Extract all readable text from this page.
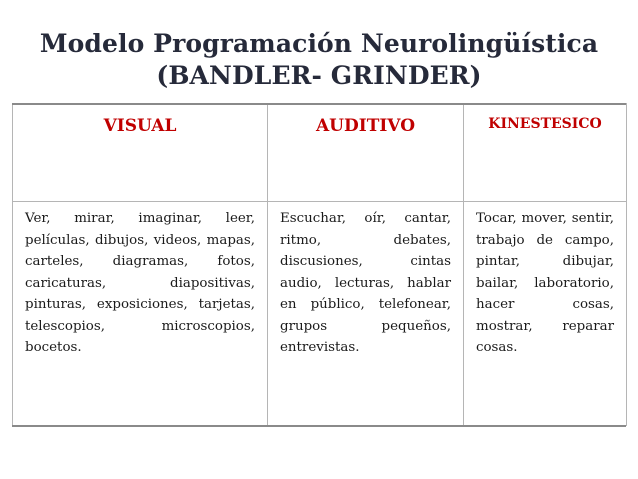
Modelo Programación Neurolingüística
(BANDLER- GRINDER)
VISUAL	AUDITIVO	KINESTESICO
Ver, mirar, imaginar, leer, películas, dibujos, videos, mapas, carteles, diagramas, fotos, caricaturas, diapositivas, pinturas, exposiciones, tarjetas, telescopios, microscopios, bocetos.	Escuchar, oír, cantar, ritmo, debates, discusiones, cintas audio, lecturas, hablar en público, telefonear, grupos pequeños, entrevistas.	Tocar, mover, sentir, trabajo de campo, pintar, dibujar, bailar, laboratorio, hacer cosas, mostrar, reparar cosas.
